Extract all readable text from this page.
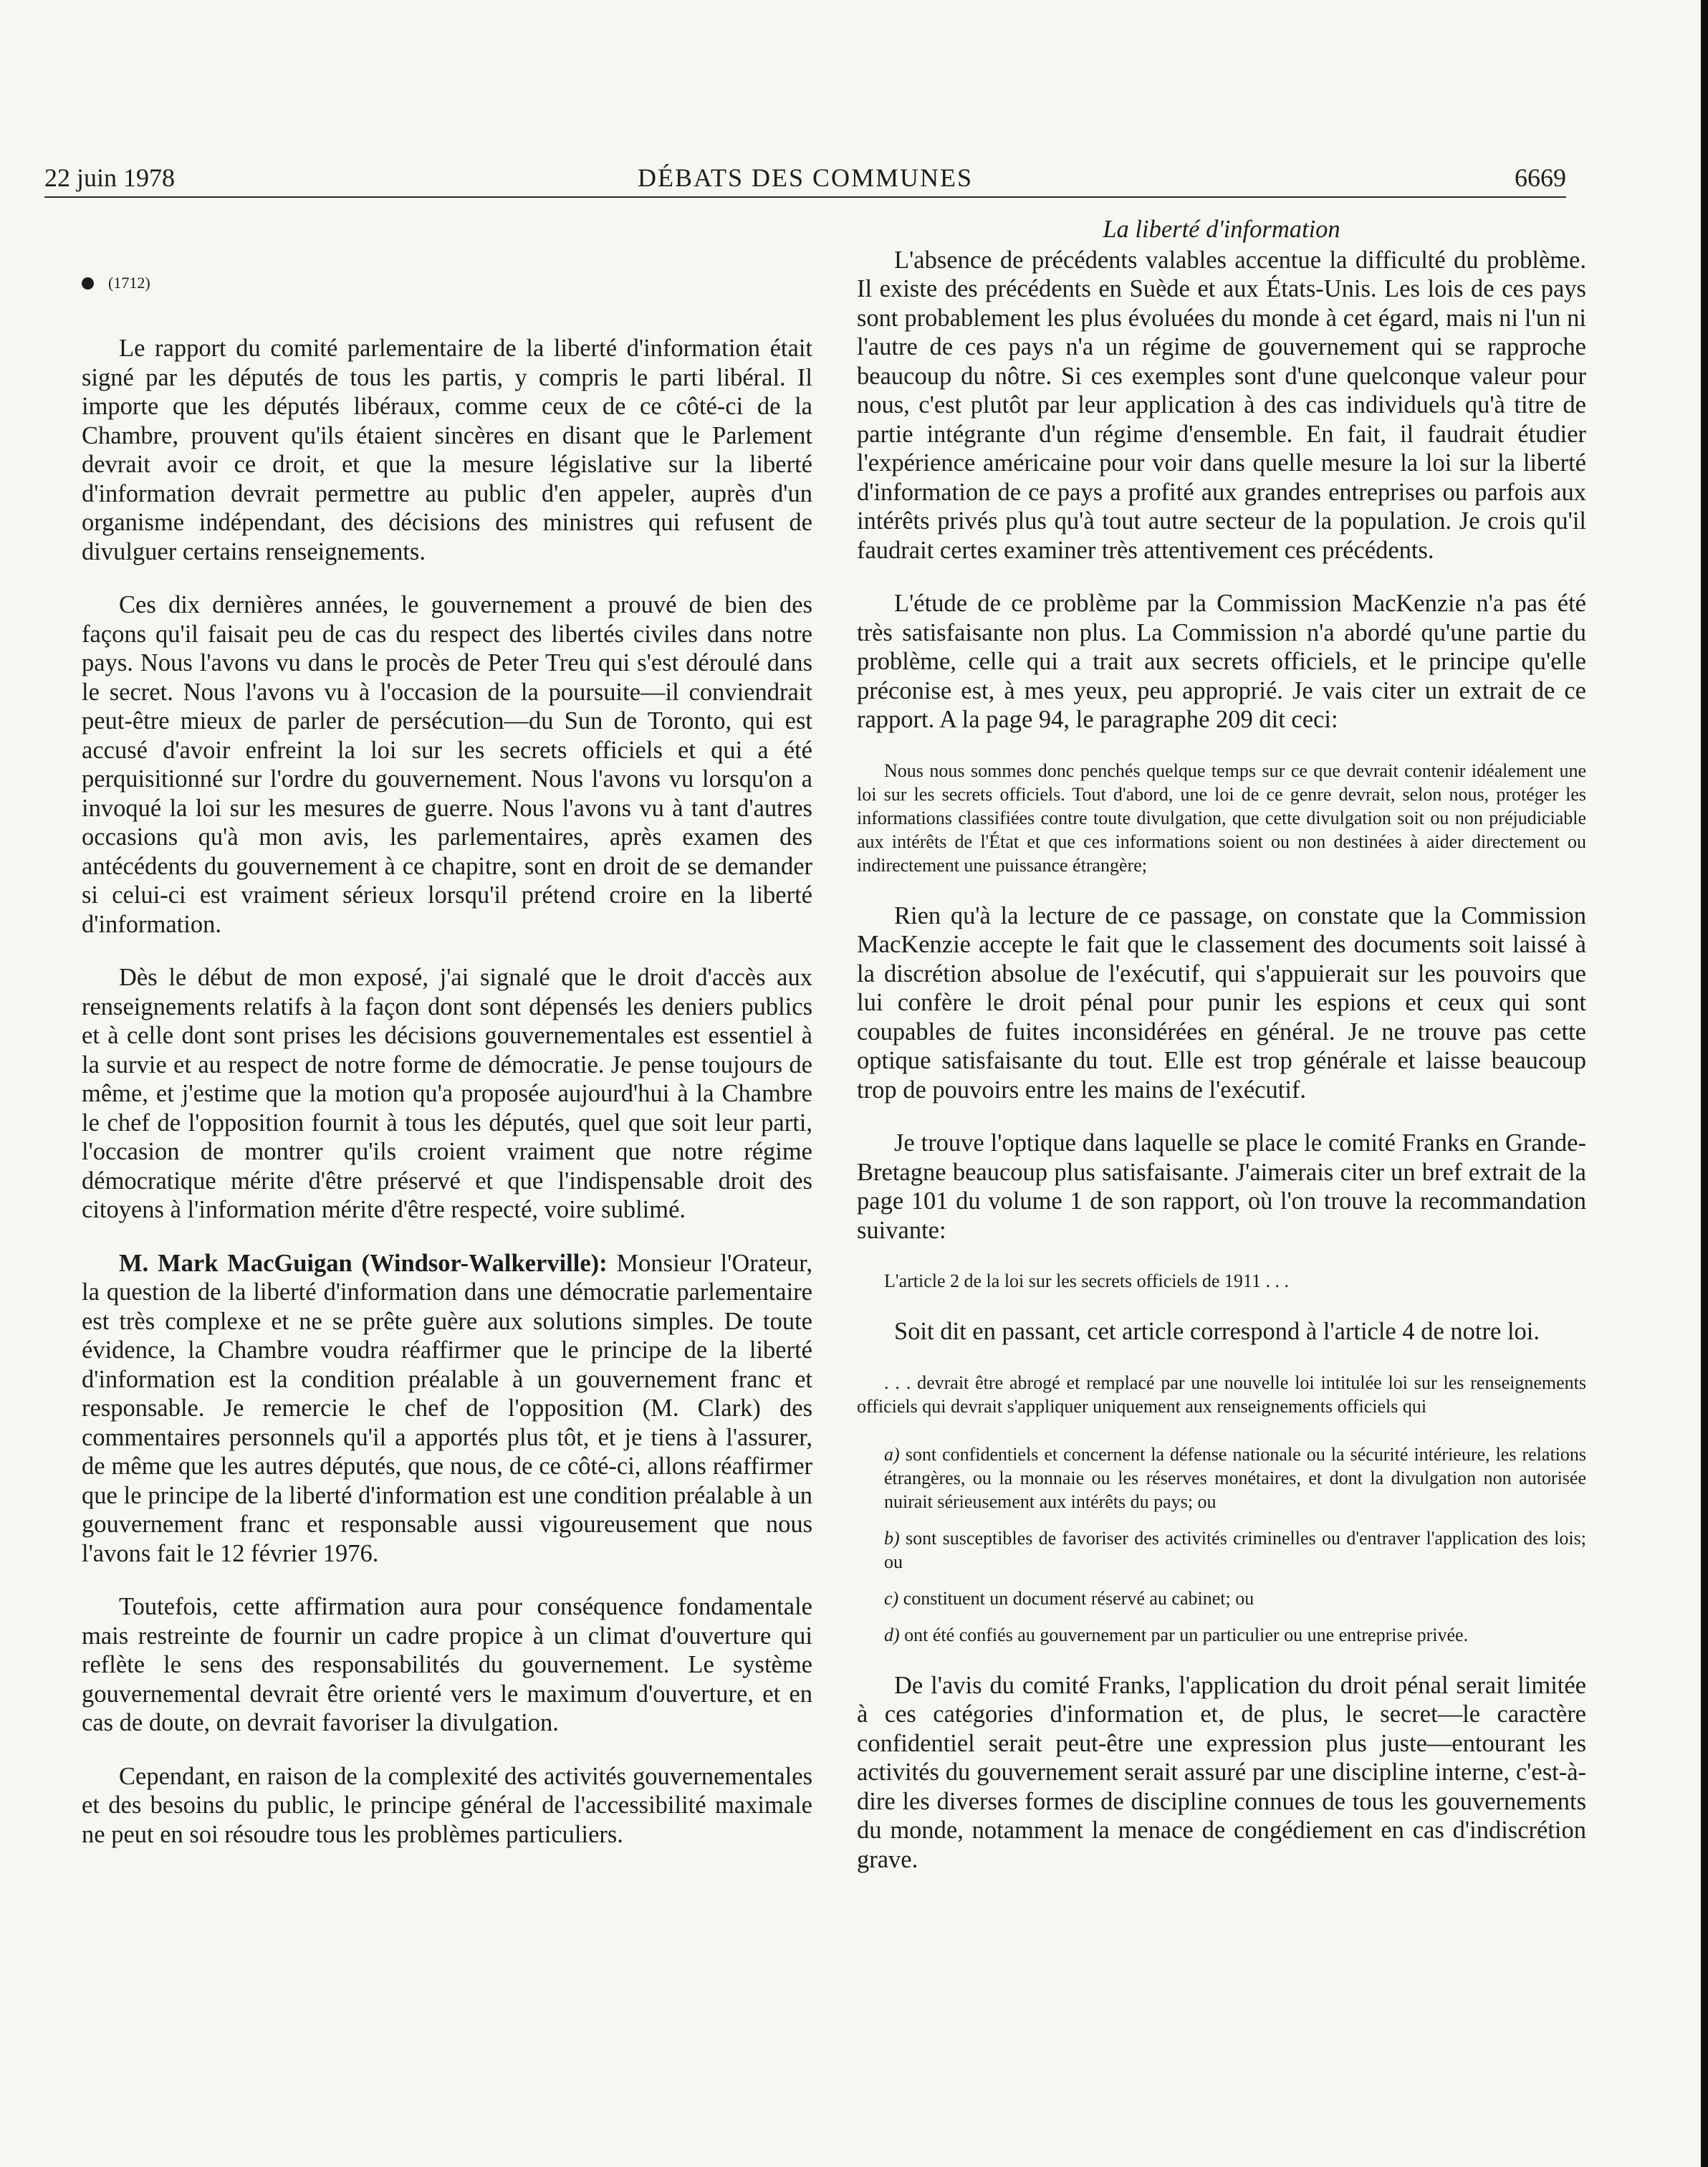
22 juin 1978	DÉBATS DES COMMUNES	6669
(1712)

Le rapport du comité parlementaire de la liberté d'information était signé par les députés de tous les partis, y compris le parti libéral. Il importe que les députés libéraux, comme ceux de ce côté-ci de la Chambre, prouvent qu'ils étaient sincères en disant que le Parlement devrait avoir ce droit, et que la mesure législative sur la liberté d'information devrait permettre au public d'en appeler, auprès d'un organisme indépendant, des décisions des ministres qui refusent de divulguer certains renseignements.

Ces dix dernières années, le gouvernement a prouvé de bien des façons qu'il faisait peu de cas du respect des libertés civiles dans notre pays. Nous l'avons vu dans le procès de Peter Treu qui s'est déroulé dans le secret. Nous l'avons vu à l'occasion de la poursuite—il conviendrait peut-être mieux de parler de persécution—du Sun de Toronto, qui est accusé d'avoir enfreint la loi sur les secrets officiels et qui a été perquisitionné sur l'ordre du gouvernement. Nous l'avons vu lorsqu'on a invoqué la loi sur les mesures de guerre. Nous l'avons vu à tant d'autres occasions qu'à mon avis, les parlementaires, après examen des antécédents du gouvernement à ce chapitre, sont en droit de se demander si celui-ci est vraiment sérieux lorsqu'il prétend croire en la liberté d'information.

Dès le début de mon exposé, j'ai signalé que le droit d'accès aux renseignements relatifs à la façon dont sont dépensés les deniers publics et à celle dont sont prises les décisions gouvernementales est essentiel à la survie et au respect de notre forme de démocratie. Je pense toujours de même, et j'estime que la motion qu'a proposée aujourd'hui à la Chambre le chef de l'opposition fournit à tous les députés, quel que soit leur parti, l'occasion de montrer qu'ils croient vraiment que notre régime démocratique mérite d'être préservé et que l'indispensable droit des citoyens à l'information mérite d'être respecté, voire sublimé.

M. Mark MacGuigan (Windsor-Walkerville): Monsieur l'Orateur, la question de la liberté d'information dans une démocratie parlementaire est très complexe et ne se prête guère aux solutions simples. De toute évidence, la Chambre voudra réaffirmer que le principe de la liberté d'information est la condition préalable à un gouvernement franc et responsable. Je remercie le chef de l'opposition (M. Clark) des commentaires personnels qu'il a apportés plus tôt, et je tiens à l'assurer, de même que les autres députés, que nous, de ce côté-ci, allons réaffirmer que le principe de la liberté d'information est une condition préalable à un gouvernement franc et responsable aussi vigoureusement que nous l'avons fait le 12 février 1976.

Toutefois, cette affirmation aura pour conséquence fondamentale mais restreinte de fournir un cadre propice à un climat d'ouverture qui reflète le sens des responsabilités du gouvernement. Le système gouvernemental devrait être orienté vers le maximum d'ouverture, et en cas de doute, on devrait favoriser la divulgation.

Cependant, en raison de la complexité des activités gouvernementales et des besoins du public, le principe général de l'accessibilité maximale ne peut en soi résoudre tous les problèmes particuliers.

La liberté d'information

L'absence de précédents valables accentue la difficulté du problème. Il existe des précédents en Suède et aux États-Unis. Les lois de ces pays sont probablement les plus évoluées du monde à cet égard, mais ni l'un ni l'autre de ces pays n'a un régime de gouvernement qui se rapproche beaucoup du nôtre. Si ces exemples sont d'une quelconque valeur pour nous, c'est plutôt par leur application à des cas individuels qu'à titre de partie intégrante d'un régime d'ensemble. En fait, il faudrait étudier l'expérience américaine pour voir dans quelle mesure la loi sur la liberté d'information de ce pays a profité aux grandes entreprises ou parfois aux intérêts privés plus qu'à tout autre secteur de la population. Je crois qu'il faudrait certes examiner très attentivement ces précédents.

L'étude de ce problème par la Commission MacKenzie n'a pas été très satisfaisante non plus. La Commission n'a abordé qu'une partie du problème, celle qui a trait aux secrets officiels, et le principe qu'elle préconise est, à mes yeux, peu approprié. Je vais citer un extrait de ce rapport. A la page 94, le paragraphe 209 dit ceci:

Nous nous sommes donc penchés quelque temps sur ce que devrait contenir idéalement une loi sur les secrets officiels. Tout d'abord, une loi de ce genre devrait, selon nous, protéger les informations classifiées contre toute divulgation, que cette divulgation soit ou non préjudiciable aux intérêts de l'État et que ces informations soient ou non destinées à aider directement ou indirectement une puissance étrangère;

Rien qu'à la lecture de ce passage, on constate que la Commission MacKenzie accepte le fait que le classement des documents soit laissé à la discrétion absolue de l'exécutif, qui s'appuierait sur les pouvoirs que lui confère le droit pénal pour punir les espions et ceux qui sont coupables de fuites inconsidérées en général. Je ne trouve pas cette optique satisfaisante du tout. Elle est trop générale et laisse beaucoup trop de pouvoirs entre les mains de l'exécutif.

Je trouve l'optique dans laquelle se place le comité Franks en Grande-Bretagne beaucoup plus satisfaisante. J'aimerais citer un bref extrait de la page 101 du volume 1 de son rapport, où l'on trouve la recommandation suivante:

L'article 2 de la loi sur les secrets officiels de 1911 . . .

Soit dit en passant, cet article correspond à l'article 4 de notre loi.

. . . devrait être abrogé et remplacé par une nouvelle loi intitulée loi sur les renseignements officiels qui devrait s'appliquer uniquement aux renseignements officiels qui
a) sont confidentiels et concernent la défense nationale ou la sécurité intérieure, les relations étrangères, ou la monnaie ou les réserves monétaires, et dont la divulgation non autorisée nuirait sérieusement aux intérêts du pays; ou
b) sont susceptibles de favoriser des activités criminelles ou d'entraver l'application des lois; ou
c) constituent un document réservé au cabinet; ou
d) ont été confiés au gouvernement par un particulier ou une entreprise privée.

De l'avis du comité Franks, l'application du droit pénal serait limitée à ces catégories d'information et, de plus, le secret—le caractère confidentiel serait peut-être une expression plus juste—entourant les activités du gouvernement serait assuré par une discipline interne, c'est-à-dire les diverses formes de discipline connues de tous les gouvernements du monde, notamment la menace de congédiement en cas d'indiscrétion grave.
